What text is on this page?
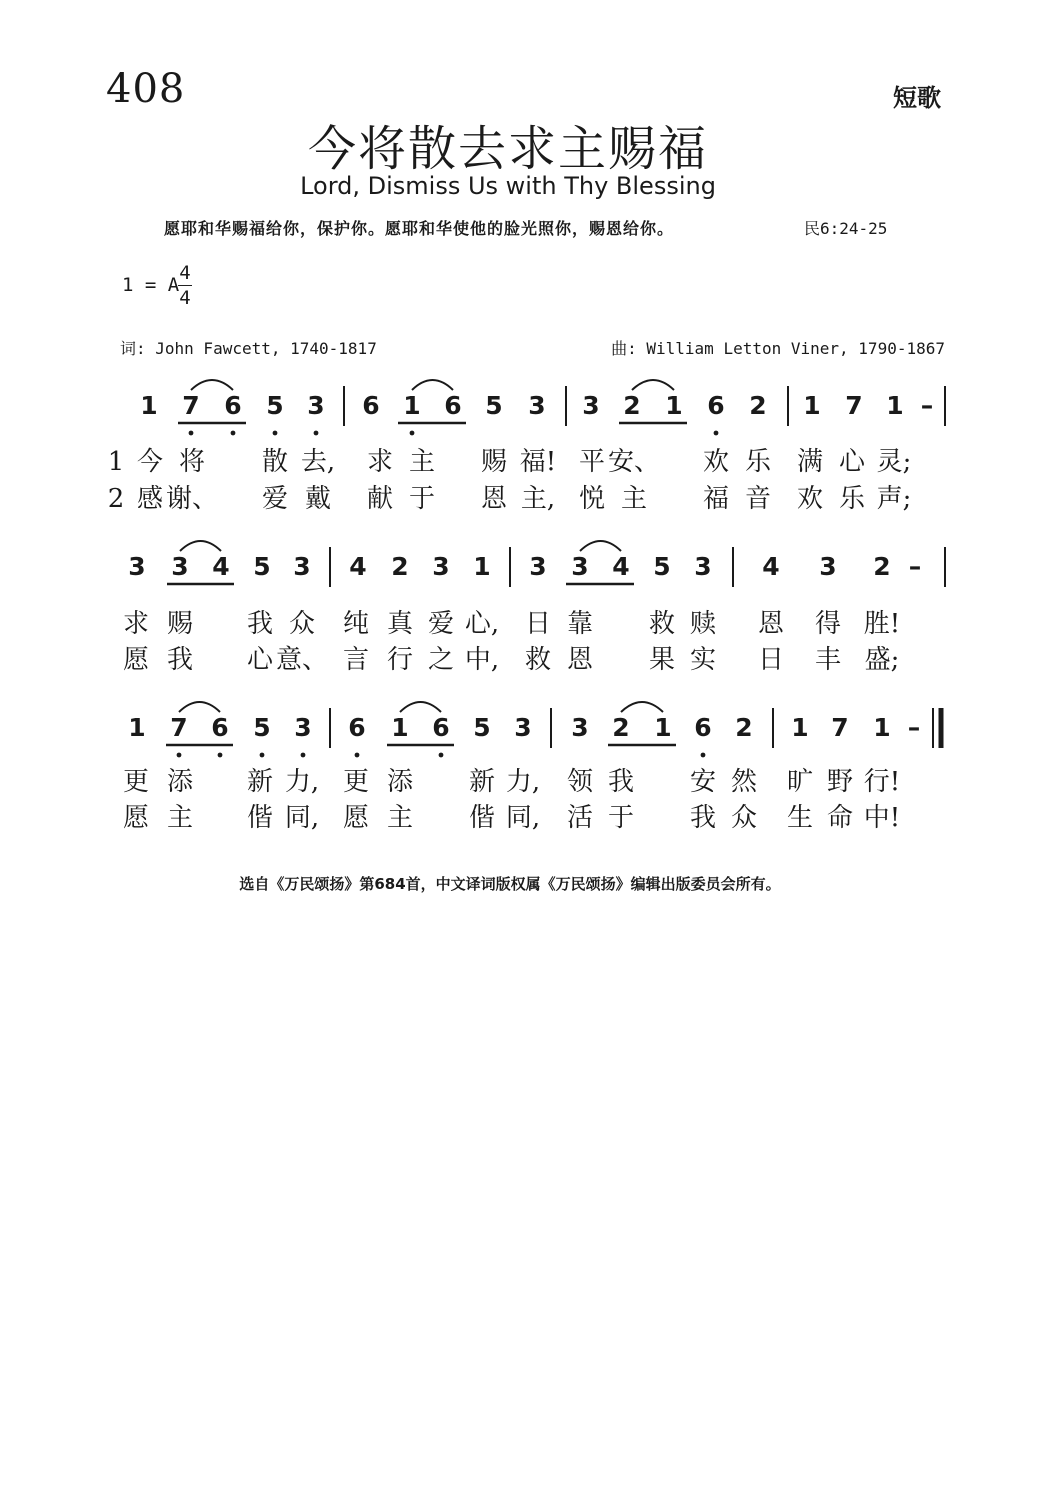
408	短歌
今将散去求主赐福
Lord, Dismiss Us with Thy Blessing
愿耶和华赐福给你，保护你。愿耶和华使他的脸光照你，赐恩给你。	民6:24-25
1 = A
4
4
词: John Fawcett, 1740-1817	曲: William Letton Viner, 1790-1867
1 7 6 5 3 6 1 6 5 3 3 2 1 6 2 1 7 1 –
1 今 将 散 去, 求 主 赐 福! 平 安、 欢 乐 满 心 灵;
2 感 谢、 爱 戴 献 于 恩 主, 悦 主 福 音 欢 乐 声;
3 3 4 5 3 4 2 3 1 3 3 4 5 3 4 3 2 –
求 赐 我 众 纯 真 爱 心, 日 靠 救 赎 恩 得 胜!
愿 我 心 意、 言 行 之 中, 救 恩 果 实 日 丰 盛;
1 7 6 5 3 6 1 6 5 3 3 2 1 6 2 1 7 1 –
更 添 新 力, 更 添 新 力, 领 我 安 然 旷 野 行!
愿 主 偕 同, 愿 主 偕 同, 活 于 我 众 生 命 中!
选自《万民颂扬》第684首，中文译词版权属《万民颂扬》编辑出版委员会所有。
